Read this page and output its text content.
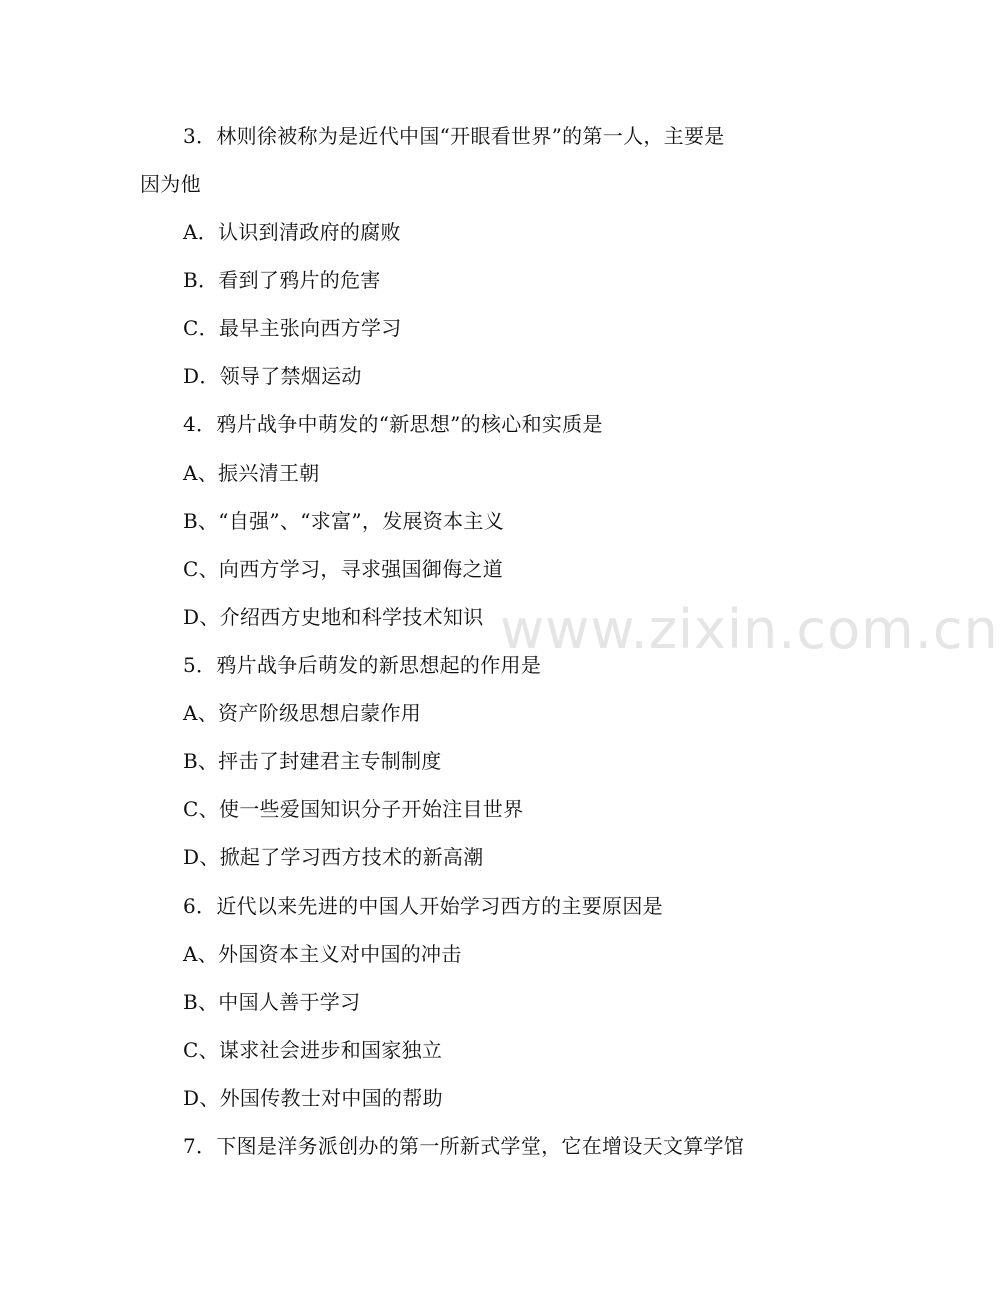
3．林则徐被称为是近代中国“开眼看世界”的第一人，主要是
因为他
A．认识到清政府的腐败
B．看到了鸦片的危害
C．最早主张向西方学习
D．领导了禁烟运动
4．鸦片战争中萌发的“新思想”的核心和实质是
A、振兴清王朝
B、“自强”、“求富”，发展资本主义
C、向西方学习，寻求强国御侮之道
D、介绍西方史地和科学技术知识
5．鸦片战争后萌发的新思想起的作用是
A、资产阶级思想启蒙作用
B、抨击了封建君主专制制度
C、使一些爱国知识分子开始注目世界
D、掀起了学习西方技术的新高潮
6．近代以来先进的中国人开始学习西方的主要原因是
A、外国资本主义对中国的冲击
B、中国人善于学习
C、谋求社会进步和国家独立
D、外国传教士对中国的帮助
7．下图是洋务派创办的第一所新式学堂，它在增设天文算学馆
www.zixin.com.cn
